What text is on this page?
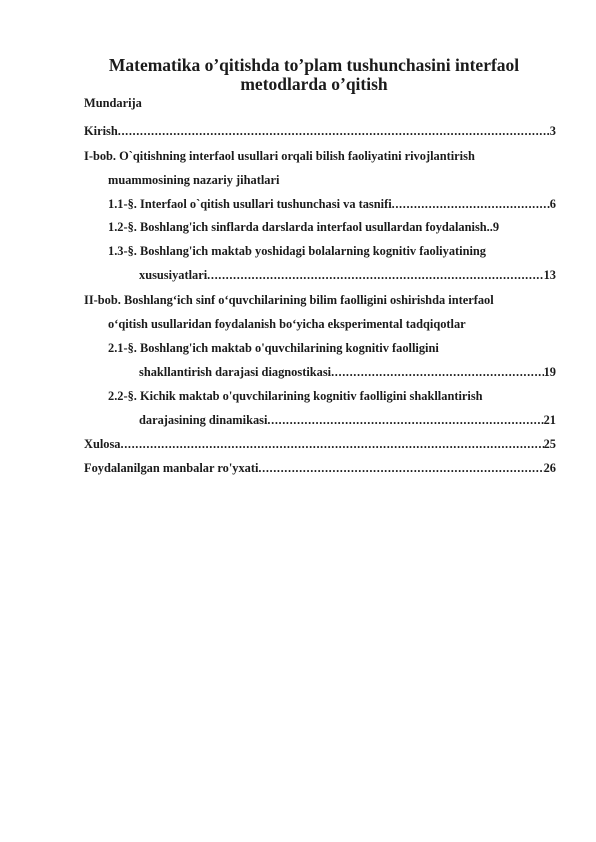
Matematika o’qitishda to’plam tushunchasini interfaol
metodlarda o’qitish

Mundarija

Kirish .....	3
I-bob. O`qitishning interfaol usullari orqali bilish faoliyatini rivojlantirish
muammosining nazariy jihatlari
1.1-§. Interfaol o`qitish usullari tushunchasi va tasnifi .....	6
1.2-§. Boshlang'ich sinflarda darslarda interfaol usullardan foydalanish.. 9
1.3-§. Boshlang'ich maktab yoshidagi bolalarning kognitiv faoliyatining
xususiyatlari .....	13
II-bob. Boshlang‘ich sinf o‘quvchilarining bilim faolligini oshirishda interfaol
o‘qitish usullaridan foydalanish bo‘yicha eksperimental tadqiqotlar
2.1-§. Boshlang'ich maktab o'quvchilarining kognitiv faolligini
shakllantirish darajasi diagnostikasi .....	19
2.2-§. Kichik maktab o'quvchilarining kognitiv faolligini shakllantirish
darajasining dinamikasi .....	21
Xulosa .....	25
Foydalanilgan manbalar ro'yxati .....	26
